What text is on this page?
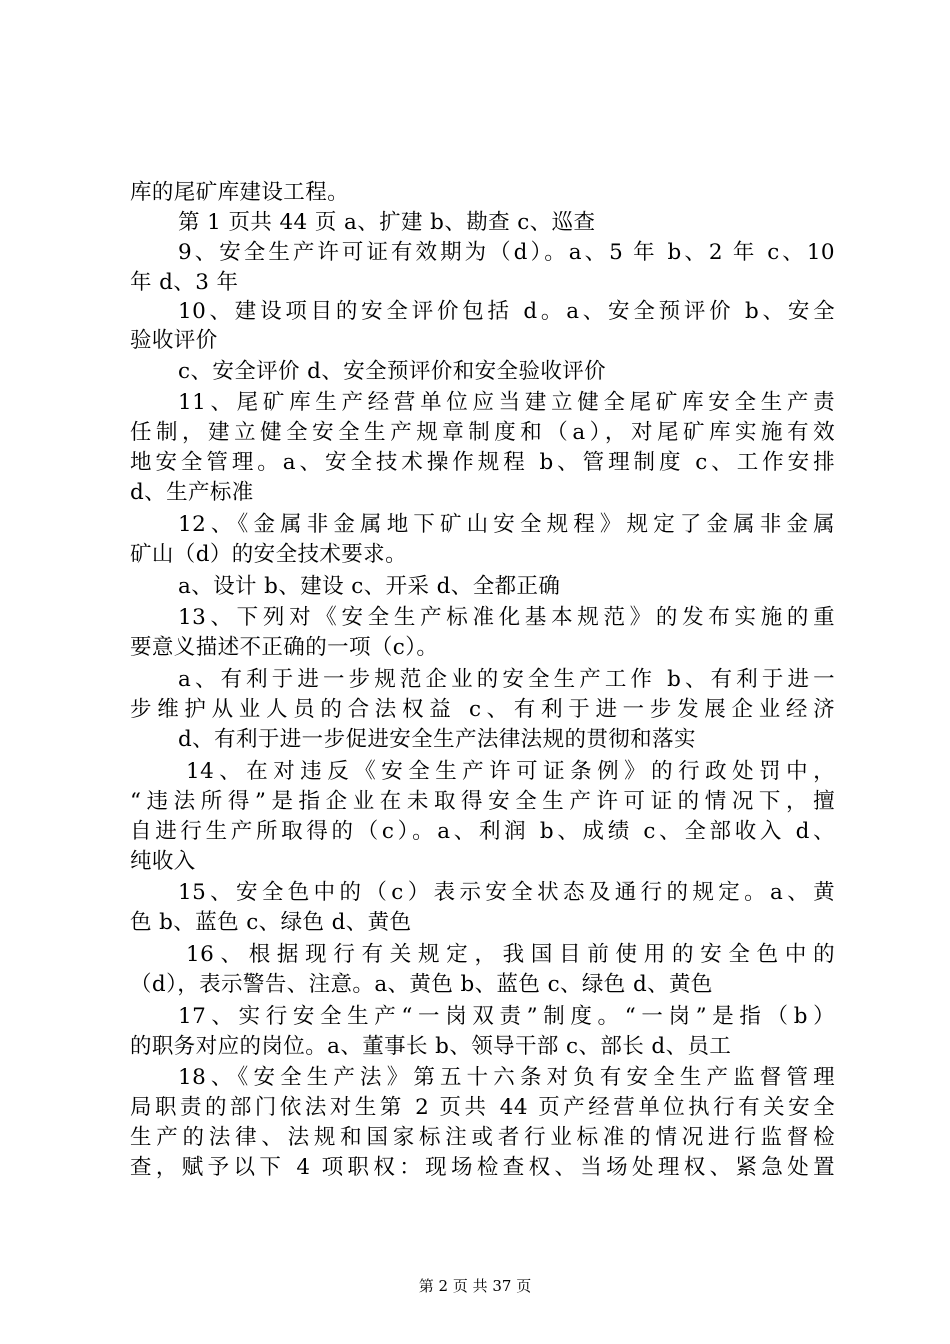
库的尾矿库建设工程。
第 1 页共 44 页 a、扩建 b、勘查 c、巡查
9、安全生产许可证有效期为（d）。a、5 年 b、2 年 c、10
年 d、3 年
10、建设项目的安全评价包括 d。a、安全预评价 b、安全
验收评价
c、安全评价 d、安全预评价和安全验收评价
11、尾矿库生产经营单位应当建立健全尾矿库安全生产责
任制，建立健全安全生产规章制度和（a），对尾矿库实施有效
地安全管理。a、安全技术操作规程 b、管理制度 c、工作安排
d、生产标准
12、《金属非金属地下矿山安全规程》规定了金属非金属
矿山（d）的安全技术要求。
a、设计 b、建设 c、开采 d、全都正确
13、下列对《安全生产标准化基本规范》的发布实施的重
要意义描述不正确的一项（c）。
a、有利于进一步规范企业的安全生产工作 b、有利于进一
步维护从业人员的合法权益 c、有利于进一步发展企业经济
d、有利于进一步促进安全生产法律法规的贯彻和落实
14、在对违反《安全生产许可证条例》的行政处罚中，
“违法所得”是指企业在未取得安全生产许可证的情况下，擅
自进行生产所取得的（c）。a、利润 b、成绩 c、全部收入 d、
纯收入
15、安全色中的（c）表示安全状态及通行的规定。a、黄
色 b、蓝色 c、绿色 d、黄色
16、根据现行有关规定，我国目前使用的安全色中的
（d），表示警告、注意。a、黄色 b、蓝色 c、绿色 d、黄色
17、实行安全生产“一岗双责”制度。“一岗”是指（b）
的职务对应的岗位。a、董事长 b、领导干部 c、部长 d、员工
18、《安全生产法》第五十六条对负有安全生产监督管理
局职责的部门依法对生第 2 页共 44 页产经营单位执行有关安全
生产的法律、法规和国家标注或者行业标准的情况进行监督检
查，赋予以下 4 项职权：现场检查权、当场处理权、紧急处置
第 2 页 共 37 页
